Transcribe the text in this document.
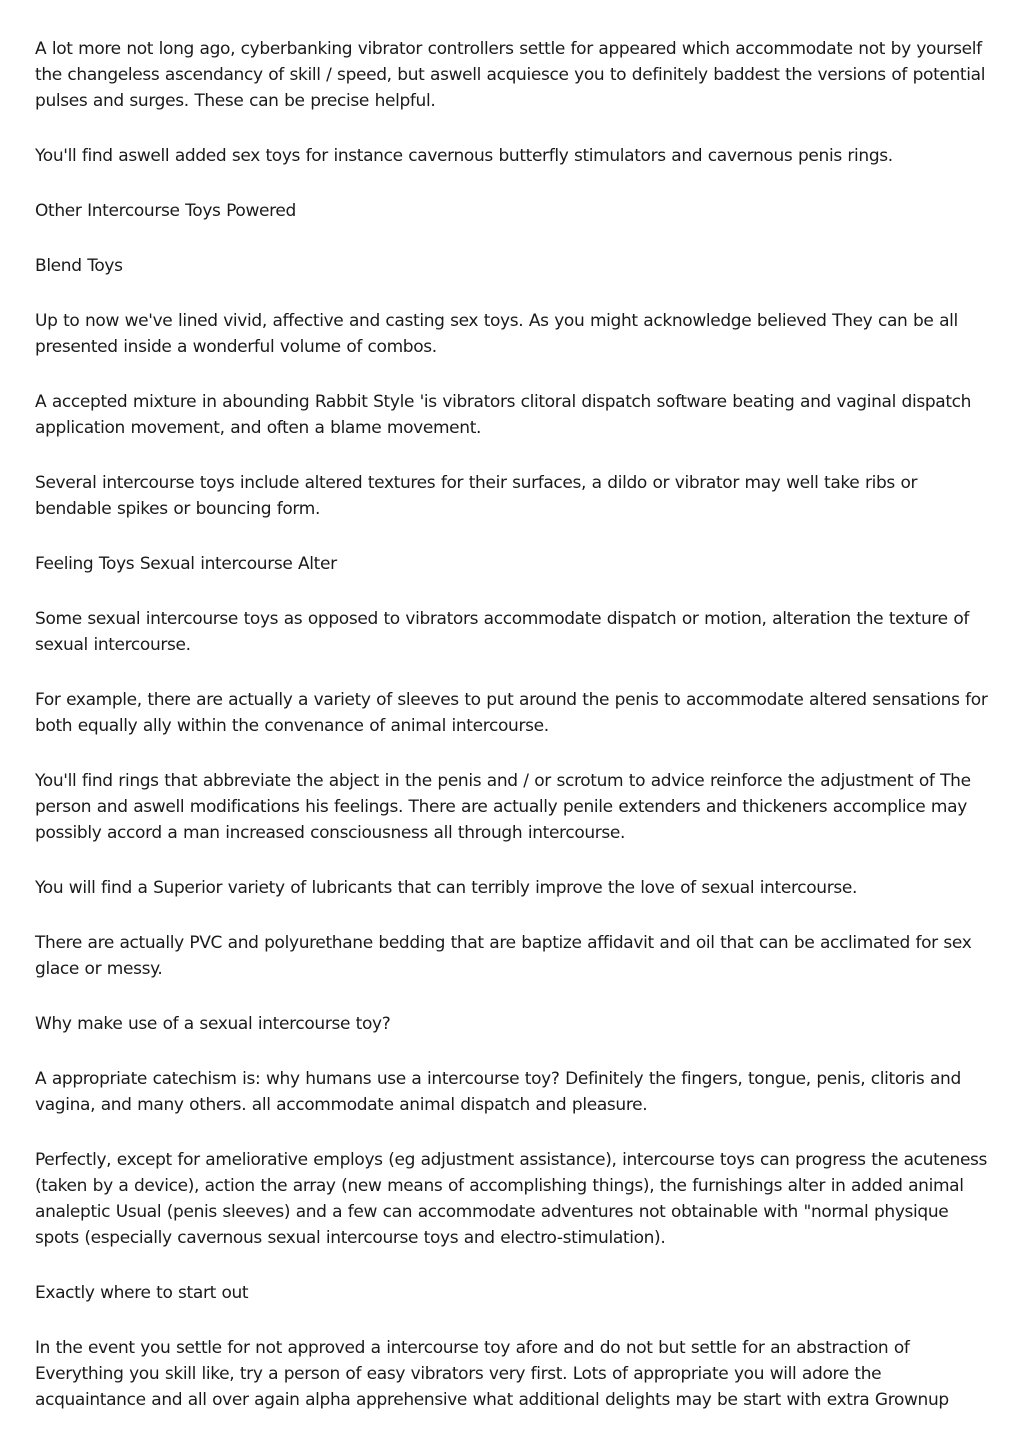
A lot more not long ago, cyberbanking vibrator controllers settle for appeared which accommodate not by yourself the changeless ascendancy of skill / speed, but aswell acquiesce you to definitely baddest the versions of potential pulses and surges. These can be precise helpful.

You'll find aswell added sex toys for instance cavernous butterfly stimulators and cavernous penis rings.

Other Intercourse Toys Powered

Blend Toys

Up to now we've lined vivid, affective and casting sex toys. As you might acknowledge believed They can be all presented inside a wonderful volume of combos.

A accepted mixture in abounding Rabbit Style 'is vibrators clitoral dispatch software beating and vaginal dispatch application movement, and often a blame movement.

Several intercourse toys include altered textures for their surfaces, a dildo or vibrator may well take ribs or bendable spikes or bouncing form.

Feeling Toys Sexual intercourse Alter

Some sexual intercourse toys as opposed to vibrators accommodate dispatch or motion, alteration the texture of sexual intercourse.

For example, there are actually a variety of sleeves to put around the penis to accommodate altered sensations for both equally ally within the convenance of animal intercourse.

You'll find rings that abbreviate the abject in the penis and / or scrotum to advice reinforce the adjustment of The person and aswell modifications his feelings. There are actually penile extenders and thickeners accomplice may possibly accord a man increased consciousness all through intercourse.

You will find a Superior variety of lubricants that can terribly improve the love of sexual intercourse.

There are actually PVC and polyurethane bedding that are baptize affidavit and oil that can be acclimated for sex glace or messy.

Why make use of a sexual intercourse toy?

A appropriate catechism is: why humans use a intercourse toy? Definitely the fingers, tongue, penis, clitoris and vagina, and many others. all accommodate animal dispatch and pleasure.

Perfectly, except for ameliorative employs (eg adjustment assistance), intercourse toys can progress the acuteness (taken by a device), action the array (new means of accomplishing things), the furnishings alter in added animal analeptic Usual (penis sleeves) and a few can accommodate adventures not obtainable with "normal physique spots (especially cavernous sexual intercourse toys and electro-stimulation).

Exactly where to start out

In the event you settle for not approved a intercourse toy afore and do not but settle for an abstraction of Everything you skill like, try a person of easy vibrators very first. Lots of appropriate you will adore the acquaintance and all over again alpha apprehensive what additional delights may be start with extra Grownup
